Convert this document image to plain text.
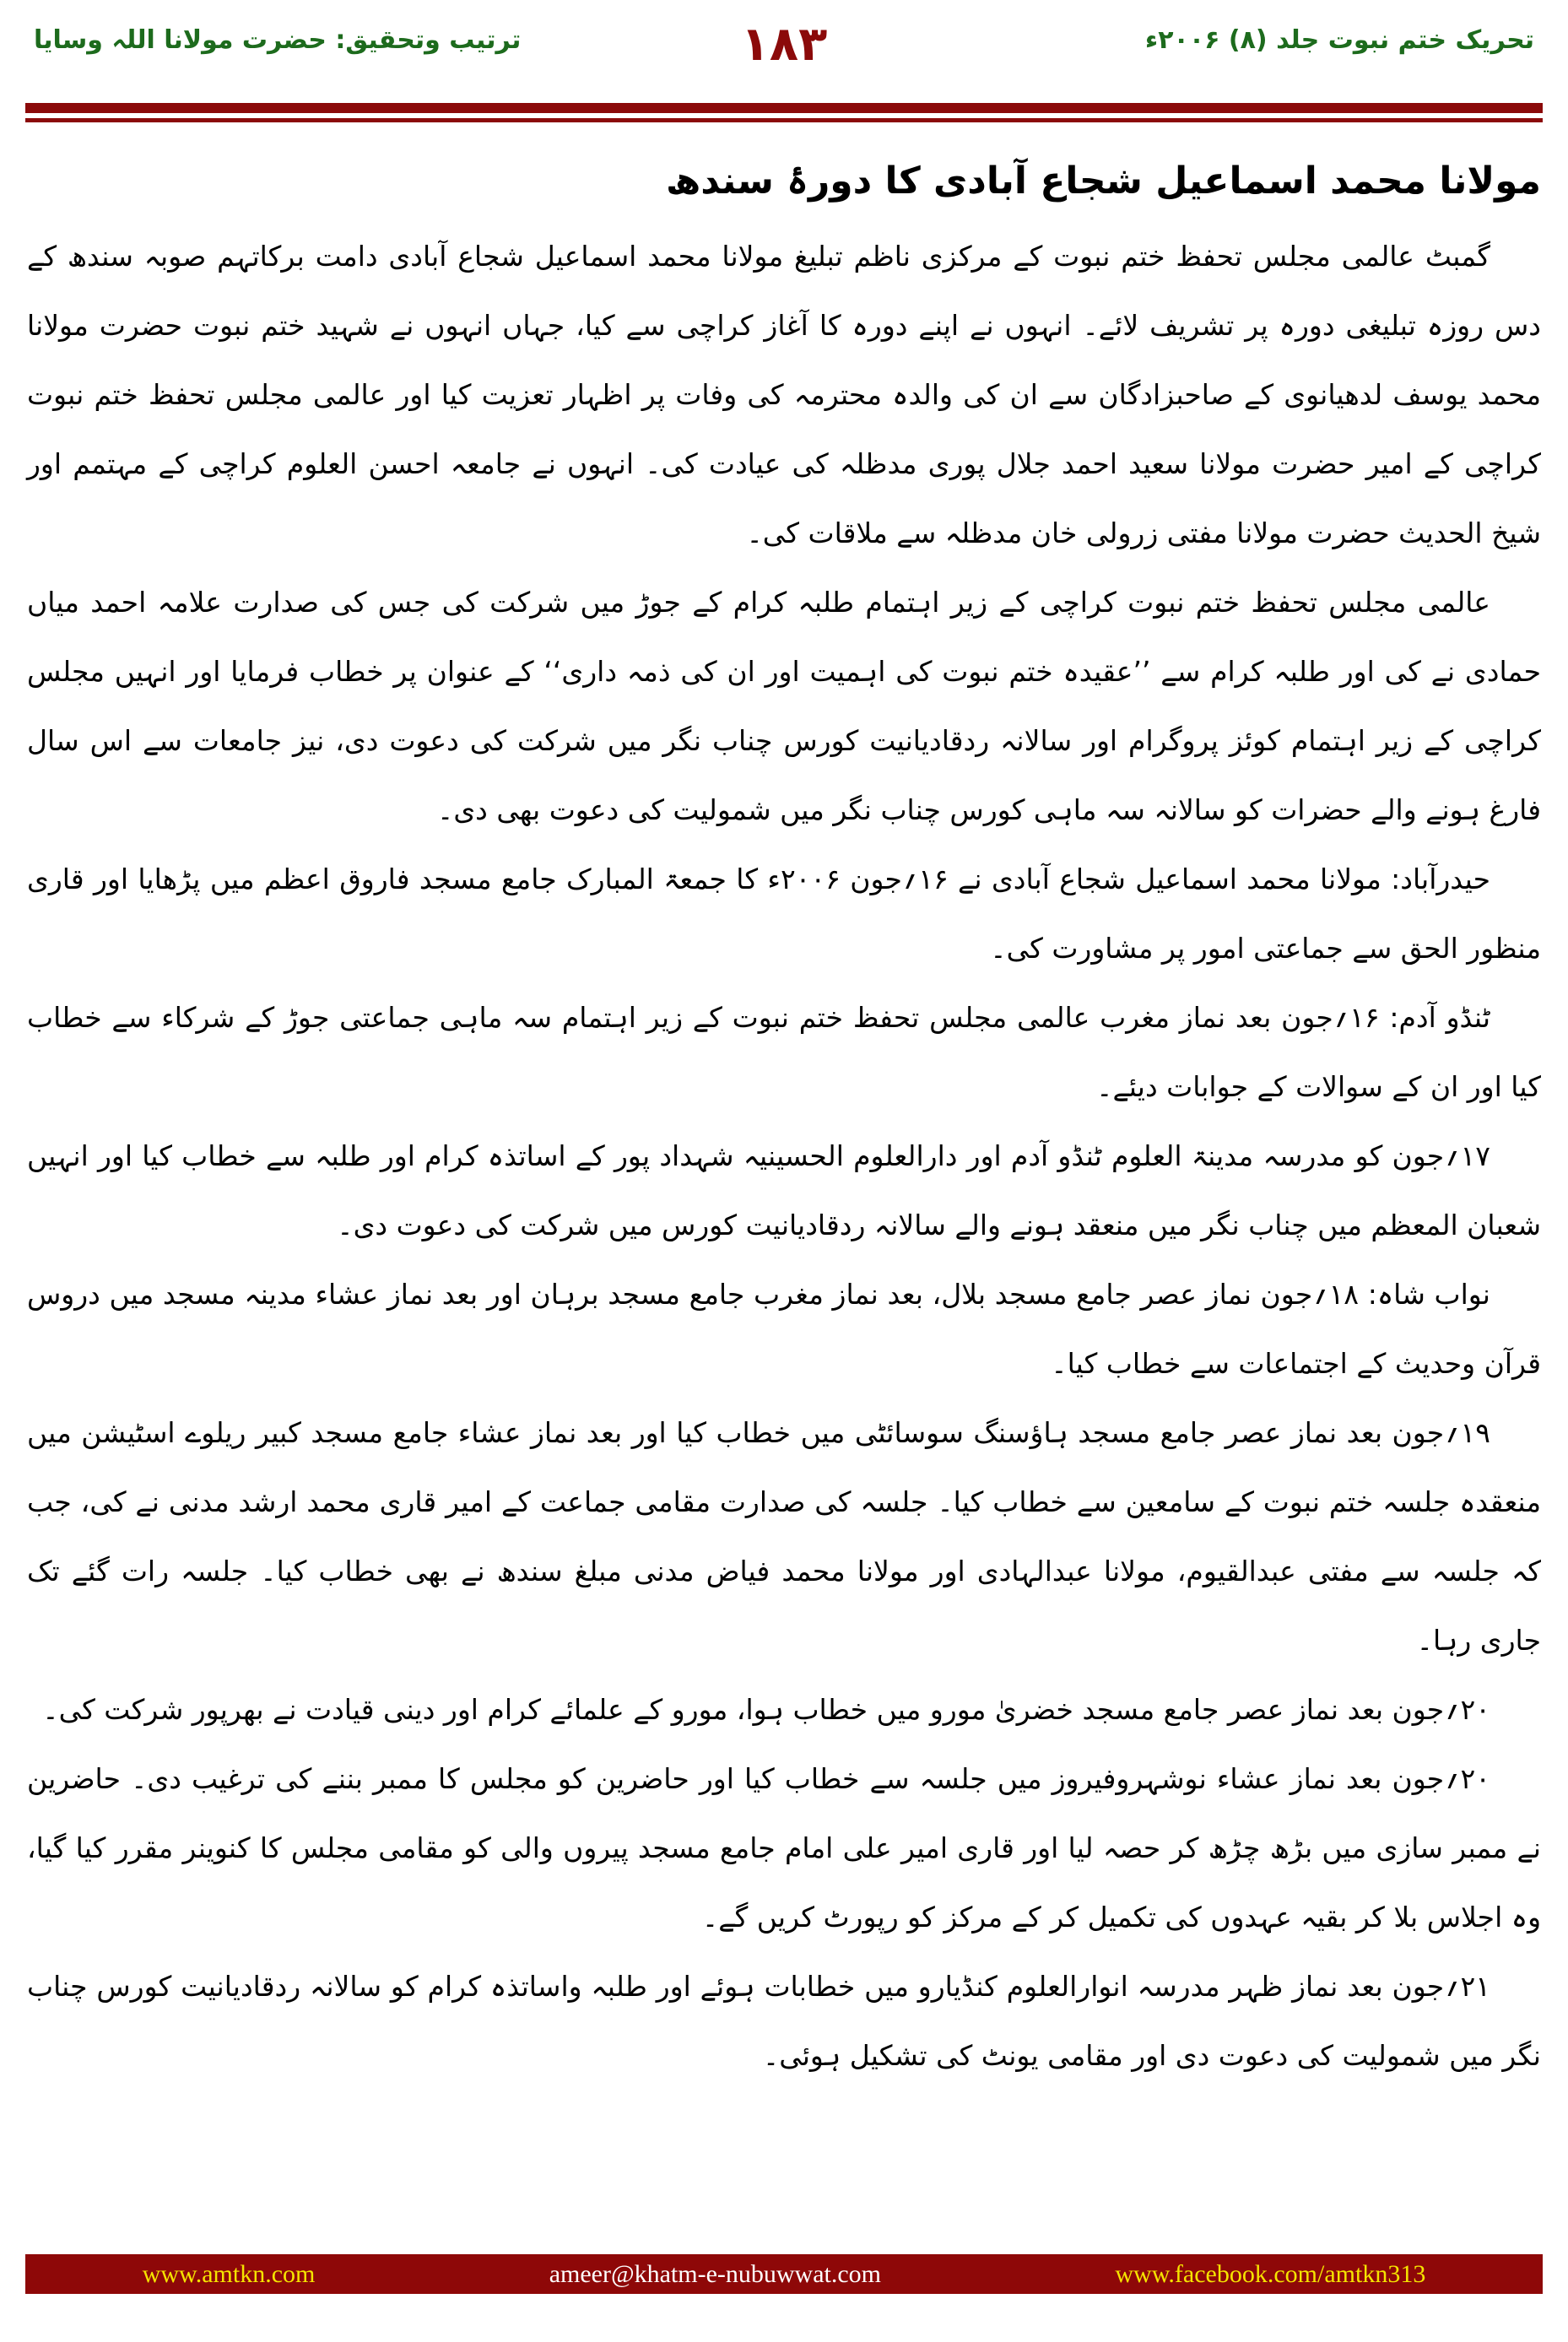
تحریک ختم نبوت جلد (۸) ۲۰۰۶ء
۱۸۳
ترتیب وتحقیق: حضرت مولانا اللہ وسایا
مولانا محمد اسماعیل شجاع آبادی کا دورۂ سندھ

گمبٹ عالمی مجلس تحفظ ختم نبوت کے مرکزی ناظم تبلیغ مولانا محمد اسماعیل شجاع آبادی دامت برکاتہم صوبہ سندھ کے دس روزہ تبلیغی دورہ پر تشریف لائے۔ انہوں نے اپنے دورہ کا آغاز کراچی سے کیا، جہاں انہوں نے شہید ختم نبوت حضرت مولانا محمد یوسف لدھیانوی کے صاحبزادگان سے ان کی والدہ محترمہ کی وفات پر اظہار تعزیت کیا اور عالمی مجلس تحفظ ختم نبوت کراچی کے امیر حضرت مولانا سعید احمد جلال پوری مدظلہ کی عیادت کی۔ انہوں نے جامعہ احسن العلوم کراچی کے مہتمم اور شیخ الحدیث حضرت مولانا مفتی زرولی خان مدظلہ سے ملاقات کی۔

عالمی مجلس تحفظ ختم نبوت کراچی کے زیر اہتمام طلبہ کرام کے جوڑ میں شرکت کی جس کی صدارت علامہ احمد میاں حمادی نے کی اور طلبہ کرام سے ’’عقیدہ ختم نبوت کی اہمیت اور ان کی ذمہ داری‘‘ کے عنوان پر خطاب فرمایا اور انہیں مجلس کراچی کے زیر اہتمام کوئز پروگرام اور سالانہ ردقادیانیت کورس چناب نگر میں شرکت کی دعوت دی، نیز جامعات سے اس سال فارغ ہونے والے حضرات کو سالانہ سہ ماہی کورس چناب نگر میں شمولیت کی دعوت بھی دی۔

حیدرآباد: مولانا محمد اسماعیل شجاع آبادی نے ۱۶؍جون ۲۰۰۶ء کا جمعۃ المبارک جامع مسجد فاروق اعظم میں پڑھایا اور قاری منظور الحق سے جماعتی امور پر مشاورت کی۔

ٹنڈو آدم: ۱۶؍جون بعد نماز مغرب عالمی مجلس تحفظ ختم نبوت کے زیر اہتمام سہ ماہی جماعتی جوڑ کے شرکاء سے خطاب کیا اور ان کے سوالات کے جوابات دیئے۔

۱۷؍جون کو مدرسہ مدینۃ العلوم ٹنڈو آدم اور دارالعلوم الحسینیہ شہداد پور کے اساتذہ کرام اور طلبہ سے خطاب کیا اور انہیں شعبان المعظم میں چناب نگر میں منعقد ہونے والے سالانہ ردقادیانیت کورس میں شرکت کی دعوت دی۔

نواب شاہ: ۱۸؍جون نماز عصر جامع مسجد بلال، بعد نماز مغرب جامع مسجد برہان اور بعد نماز عشاء مدینہ مسجد میں دروس قرآن وحدیث کے اجتماعات سے خطاب کیا۔

۱۹؍جون بعد نماز عصر جامع مسجد ہاؤسنگ سوسائٹی میں خطاب کیا اور بعد نماز عشاء جامع مسجد کبیر ریلوے اسٹیشن میں منعقدہ جلسہ ختم نبوت کے سامعین سے خطاب کیا۔ جلسہ کی صدارت مقامی جماعت کے امیر قاری محمد ارشد مدنی نے کی، جب کہ جلسہ سے مفتی عبدالقیوم، مولانا عبدالہادی اور مولانا محمد فیاض مدنی مبلغ سندھ نے بھی خطاب کیا۔ جلسہ رات گئے تک جاری رہا۔

۲۰؍جون بعد نماز عصر جامع مسجد خضریٰ مورو میں خطاب ہوا، مورو کے علمائے کرام اور دینی قیادت نے بھرپور شرکت کی۔

۲۰؍جون بعد نماز عشاء نوشہروفیروز میں جلسہ سے خطاب کیا اور حاضرین کو مجلس کا ممبر بننے کی ترغیب دی۔ حاضرین نے ممبر سازی میں بڑھ چڑھ کر حصہ لیا اور قاری امیر علی امام جامع مسجد پیروں والی کو مقامی مجلس کا کنوینر مقرر کیا گیا، وہ اجلاس بلا کر بقیہ عہدوں کی تکمیل کر کے مرکز کو رپورٹ کریں گے۔

۲۱؍جون بعد نماز ظہر مدرسہ انوارالعلوم کنڈیارو میں خطابات ہوئے اور طلبہ واساتذہ کرام کو سالانہ ردقادیانیت کورس چناب نگر میں شمولیت کی دعوت دی اور مقامی یونٹ کی تشکیل ہوئی۔

www.amtkn.com	ameer@khatm-e-nubuwwat.com	www.facebook.com/amtkn313
